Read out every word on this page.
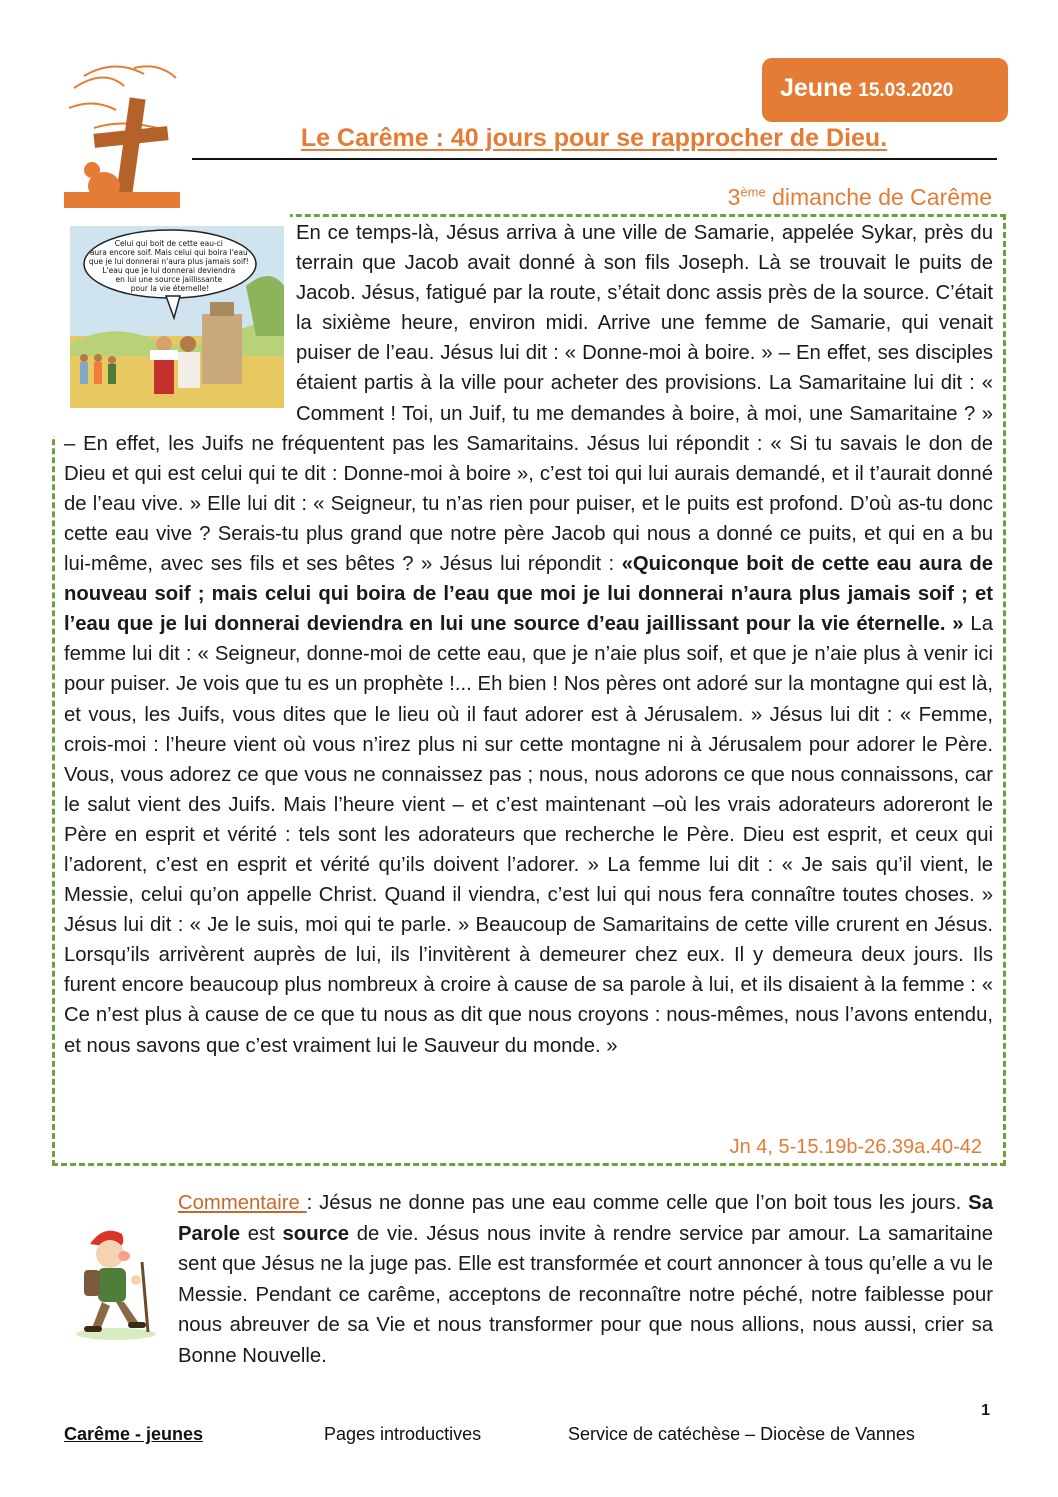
Jeune 15.03.2020
Le Carême : 40 jours pour se rapprocher de Dieu.
3ème dimanche de Carême
Celui qui boit de cette eau-ci aura encore soif. Mais celui qui boira l'eau que je lui donnerai n'aura plus jamais soif! L'eau que je lui donnerai deviendra en lui une source jaillissante pour la vie éternelle!
En ce temps-là, Jésus arriva à une ville de Samarie, appelée Sykar, près du terrain que Jacob avait donné à son fils Joseph. Là se trouvait le puits de Jacob. Jésus, fatigué par la route, s’était donc assis près de la source. C’était la sixième heure, environ midi. Arrive une femme de Samarie, qui venait puiser de l’eau. Jésus lui dit : « Donne-moi à boire. » – En effet, ses disciples étaient partis à la ville pour acheter des provisions. La Samaritaine lui dit : « Comment ! Toi, un Juif, tu me demandes à boire, à moi, une Samaritaine ? » – En effet, les Juifs ne fréquentent pas les Samaritains. Jésus lui répondit : « Si tu savais le don de Dieu et qui est celui qui te dit : Donne-moi à boire », c’est toi qui lui aurais demandé, et il t’aurait donné de l’eau vive. » Elle lui dit : « Seigneur, tu n’as rien pour puiser, et le puits est profond. D’où as-tu donc cette eau vive ? Serais-tu plus grand que notre père Jacob qui nous a donné ce puits, et qui en a bu lui-même, avec ses fils et ses bêtes ? » Jésus lui répondit : «Quiconque boit de cette eau aura de nouveau soif ; mais celui qui boira de l’eau que moi je lui donnerai n’aura plus jamais soif ; et l’eau que je lui donnerai deviendra en lui une source d’eau jaillissant pour la vie éternelle. » La femme lui dit : « Seigneur, donne-moi de cette eau, que je n’aie plus soif, et que je n’aie plus à venir ici pour puiser. Je vois que tu es un prophète !... Eh bien ! Nos pères ont adoré sur la montagne qui est là, et vous, les Juifs, vous dites que le lieu où il faut adorer est à Jérusalem. » Jésus lui dit : « Femme, crois-moi : l’heure vient où vous n’irez plus ni sur cette montagne ni à Jérusalem pour adorer le Père. Vous, vous adorez ce que vous ne connaissez pas ; nous, nous adorons ce que nous connaissons, car le salut vient des Juifs. Mais l’heure vient – et c’est maintenant –où les vrais adorateurs adoreront le Père en esprit et vérité : tels sont les adorateurs que recherche le Père. Dieu est esprit, et ceux qui l’adorent, c’est en esprit et vérité qu’ils doivent l’adorer. » La femme lui dit : « Je sais qu’il vient, le Messie, celui qu’on appelle Christ. Quand il viendra, c’est lui qui nous fera connaître toutes choses. » Jésus lui dit : « Je le suis, moi qui te parle. » Beaucoup de Samaritains de cette ville crurent en Jésus. Lorsqu’ils arrivèrent auprès de lui, ils l’invitèrent à demeurer chez eux. Il y demeura deux jours. Ils furent encore beaucoup plus nombreux à croire à cause de sa parole à lui, et ils disaient à la femme : « Ce n’est plus à cause de ce que tu nous as dit que nous croyons : nous-mêmes, nous l’avons entendu, et nous savons que c’est vraiment lui le Sauveur du monde. »
Jn 4, 5-15.19b-26.39a.40-42
Commentaire : Jésus ne donne pas une eau comme celle que l’on boit tous les jours. Sa Parole est source de vie. Jésus nous invite à rendre service par amour. La samaritaine sent que Jésus ne la juge pas. Elle est transformée et court annoncer à tous qu’elle a vu le Messie. Pendant ce carême, acceptons de reconnaître notre péché, notre faiblesse pour nous abreuver de sa Vie et nous transformer pour que nous allions, nous aussi, crier sa Bonne Nouvelle.
1
Carême - jeunes	Pages introductives	Service de catéchèse – Diocèse de Vannes
